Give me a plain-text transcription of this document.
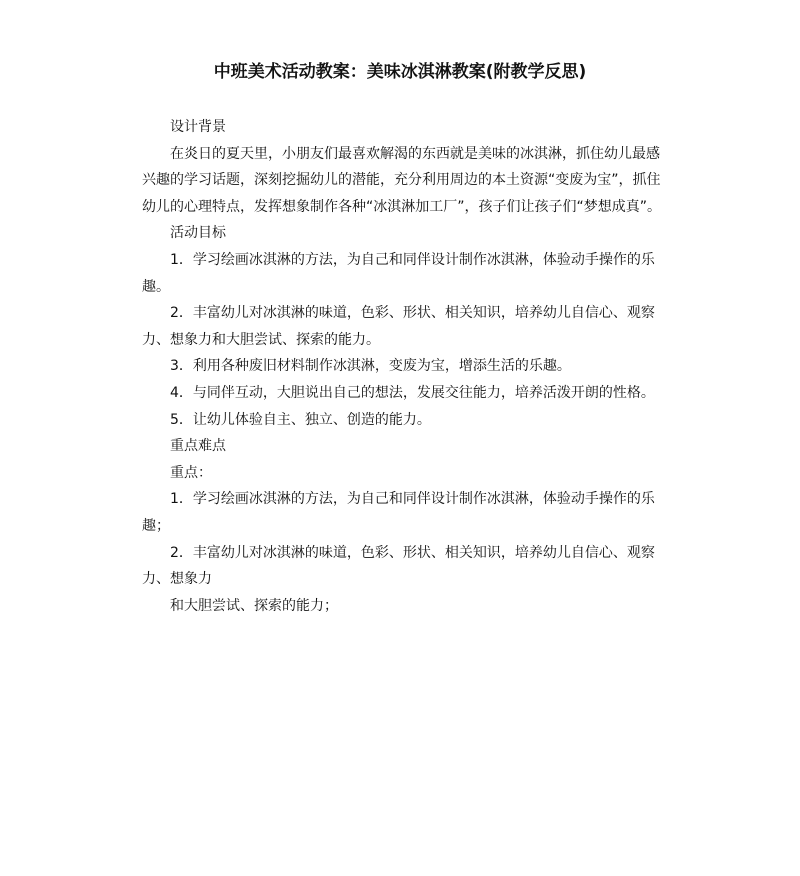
中班美术活动教案：美味冰淇淋教案(附教学反思)

设计背景

在炎日的夏天里，小朋友们最喜欢解渴的东西就是美味的冰淇淋，抓住幼儿最感兴趣的学习话题，深刻挖掘幼儿的潜能，充分利用周边的本土资源“变废为宝”，抓住幼儿的心理特点，发挥想象制作各种“冰淇淋加工厂”，孩子们让孩子们“梦想成真”。

活动目标

1．学习绘画冰淇淋的方法，为自己和同伴设计制作冰淇淋，体验动手操作的乐趣。

2．丰富幼儿对冰淇淋的味道，色彩、形状、相关知识，培养幼儿自信心、观察力、想象力和大胆尝试、探索的能力。

3．利用各种废旧材料制作冰淇淋，变废为宝，增添生活的乐趣。

4．与同伴互动，大胆说出自己的想法，发展交往能力，培养活泼开朗的性格。

5．让幼儿体验自主、独立、创造的能力。

重点难点

重点：

1．学习绘画冰淇淋的方法，为自己和同伴设计制作冰淇淋，体验动手操作的乐趣；

2．丰富幼儿对冰淇淋的味道，色彩、形状、相关知识，培养幼儿自信心、观察力、想象力

和大胆尝试、探索的能力；
